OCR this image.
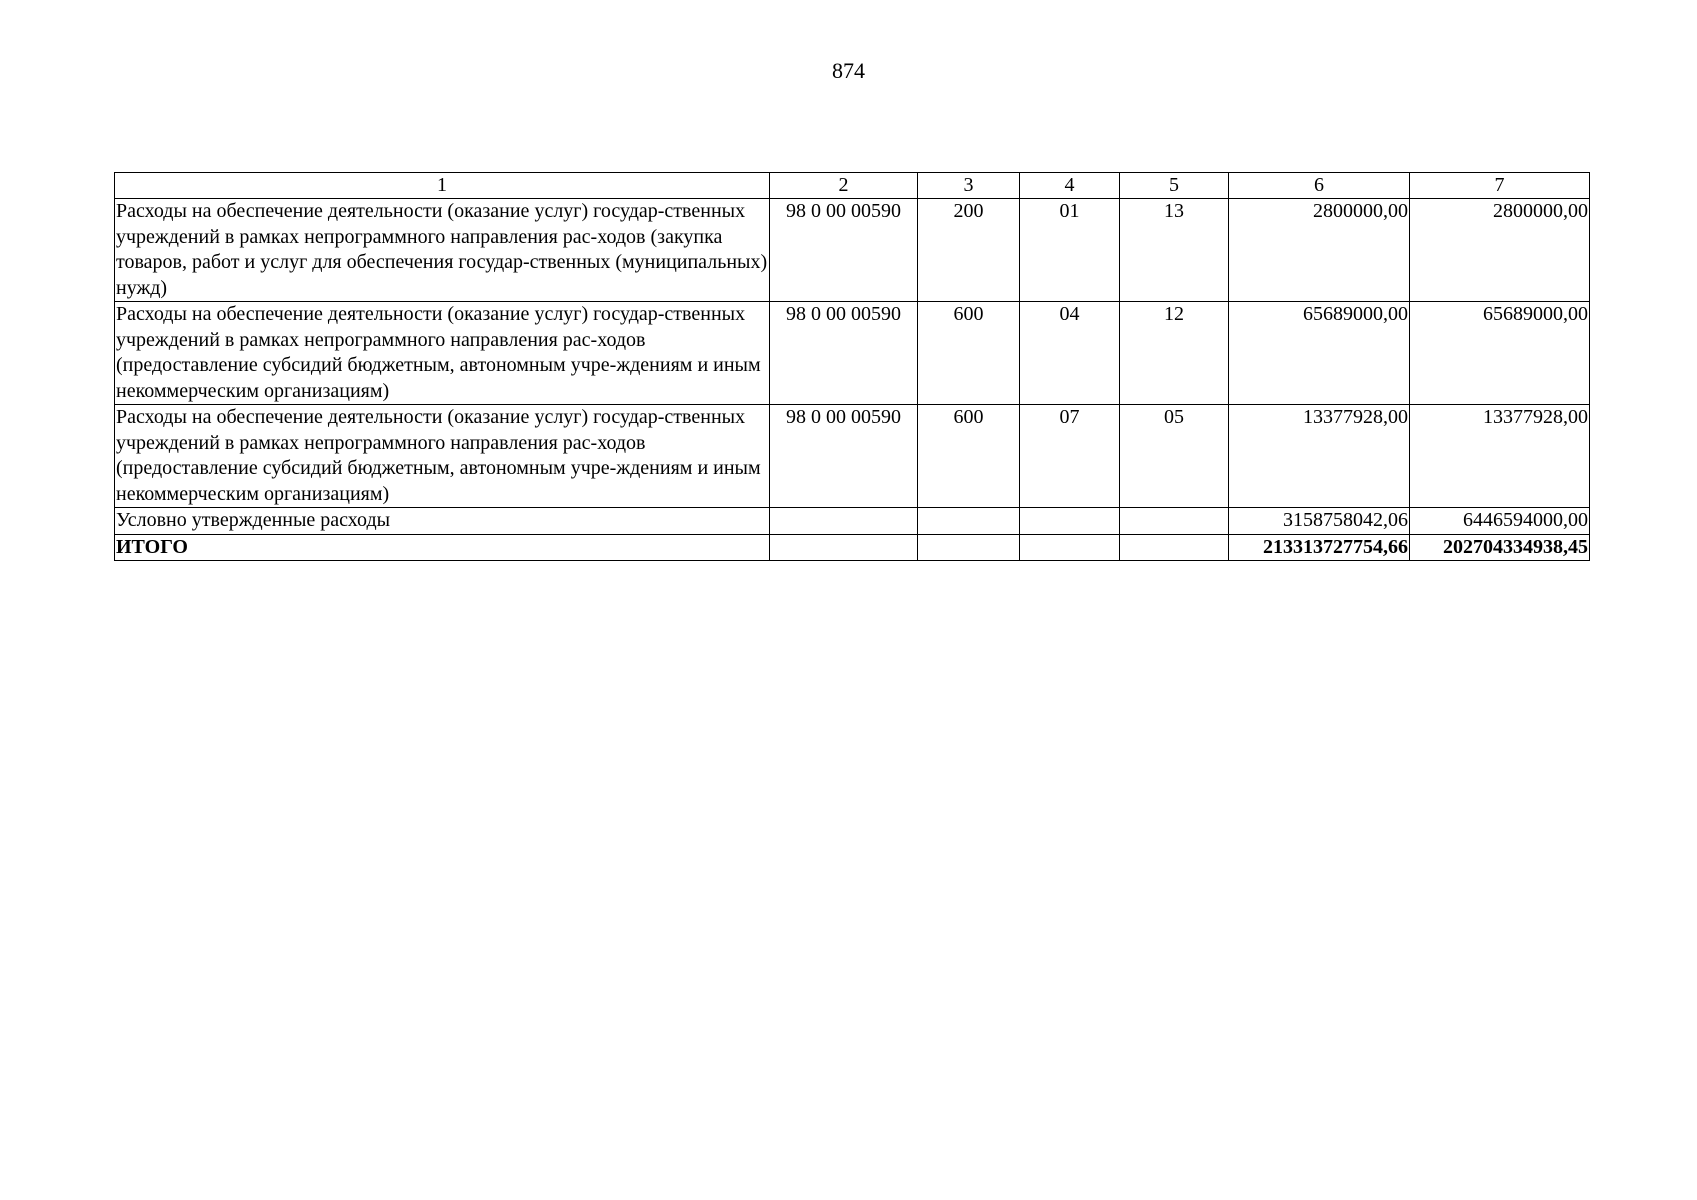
874
1	2	3	4	5	6	7
Расходы на обеспечение деятельности (оказание услуг) государ-ственных учреждений в рамках непрограммного направления рас-ходов (закупка товаров, работ и услуг для обеспечения государ-ственных (муниципальных) нужд)	98 0 00 00590	200	01	13	2800000,00	2800000,00
Расходы на обеспечение деятельности (оказание услуг) государ-ственных учреждений в рамках непрограммного направления рас-ходов (предоставление субсидий бюджетным, автономным учре-ждениям и иным некоммерческим организациям)	98 0 00 00590	600	04	12	65689000,00	65689000,00
Расходы на обеспечение деятельности (оказание услуг) государ-ственных учреждений в рамках непрограммного направления рас-ходов (предоставление субсидий бюджетным, автономным учре-ждениям и иным некоммерческим организациям)	98 0 00 00590	600	07	05	13377928,00	13377928,00
Условно утвержденные расходы					3158758042,06	6446594000,00
ИТОГО					213313727754,66	202704334938,45
